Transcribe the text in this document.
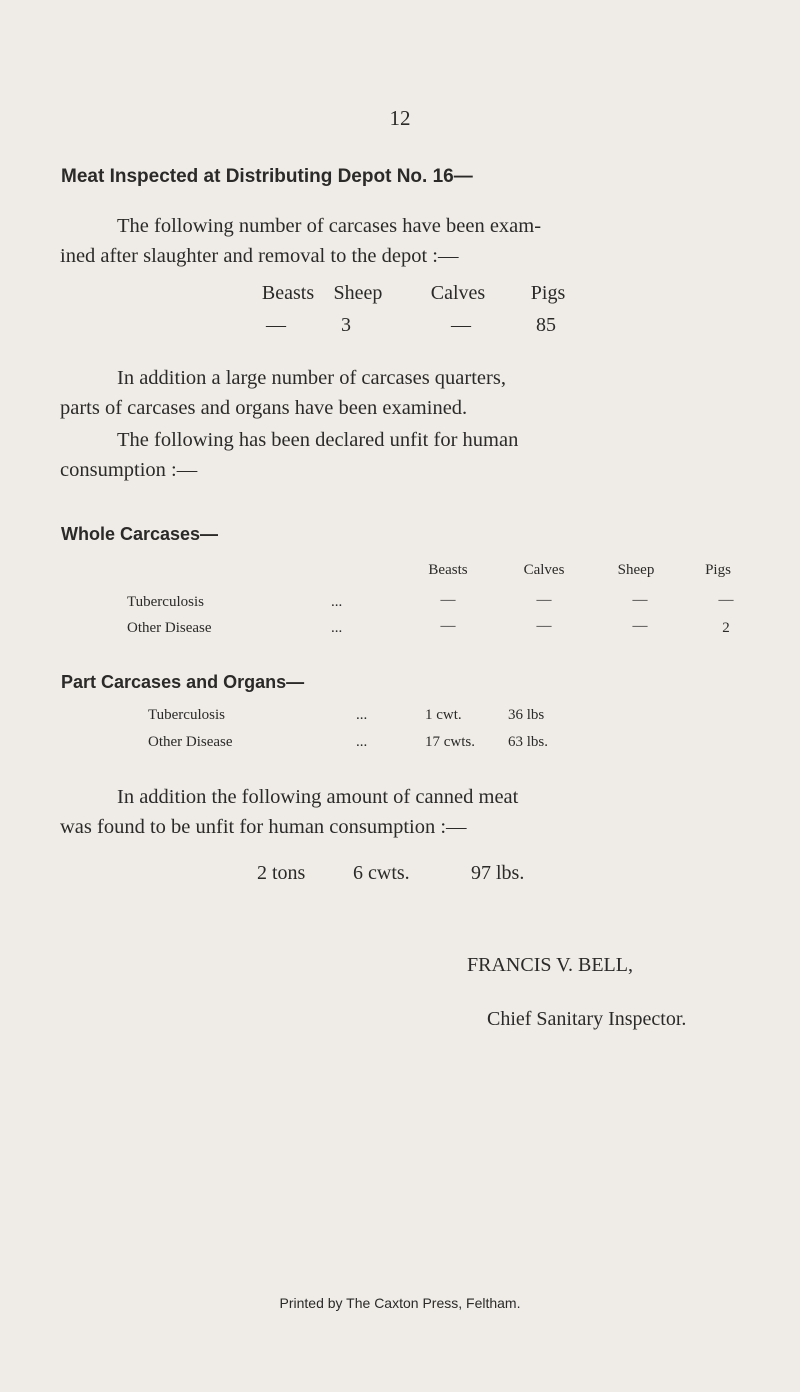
12
Meat Inspected at Distributing Depot No. 16—
The following number of carcases have been exam-
ined after slaughter and removal to the depot :—
Beasts Sheep	Calves	Pigs
—	3	—	85
In addition a large number of carcases quarters,
parts of carcases and organs have been examined.
The following has been declared unfit for human
consumption :—
Whole Carcases—
Beasts	Calves	Sheep	Pigs
Tuberculosis	...	—	—	—	—
Other Disease	...	—	—	—	2
Part Carcases and Organs—
Tuberculosis	...	1 cwt.	36 lbs
Other Disease	...	17 cwts. 63 lbs.
In addition the following amount of canned meat
was found to be unfit for human consumption :—
2 tons 6 cwts.	97 lbs.
FRANCIS V. BELL,
Chief Sanitary Inspector.
Printed by The Caxton Press, Feltham.
